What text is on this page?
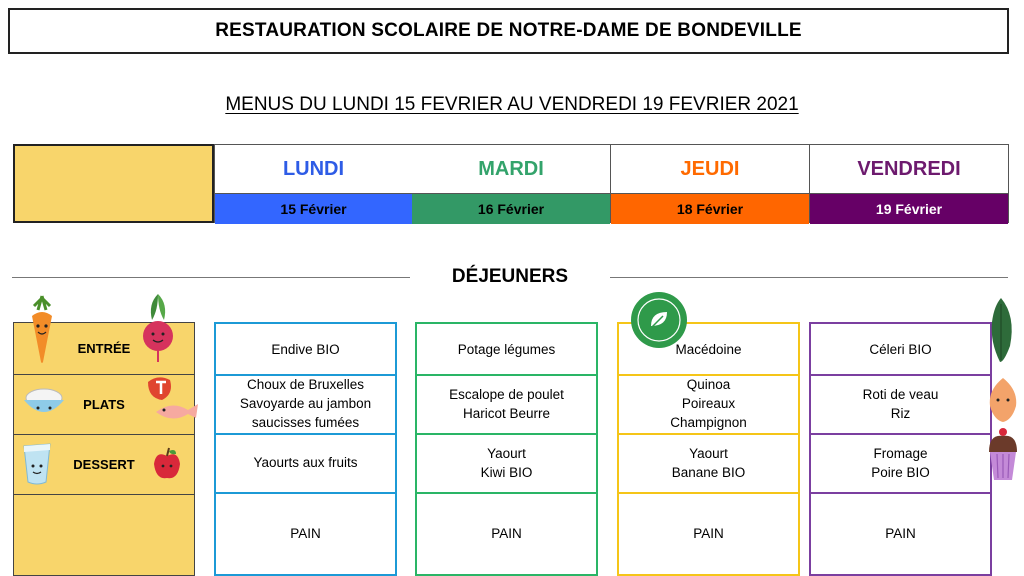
RESTAURATION SCOLAIRE DE NOTRE-DAME DE BONDEVILLE
MENUS DU LUNDI 15 FEVRIER AU VENDREDI 19 FEVRIER 2021
LUNDI
15 Février
MARDI
16 Février
JEUDI
18 Février
VENDREDI
19 Février
DÉJEUNERS
ENTRÉE
PLATS
DESSERT
Endive BIO
Choux de Bruxelles
Savoyarde au jambon
saucisses fumées
Yaourts aux fruits
PAIN
Potage légumes
Escalope de poulet
Haricot Beurre
Yaourt
Kiwi BIO
PAIN
Macédoine
Quinoa
Poireaux
Champignon
Yaourt
Banane BIO
PAIN
Céleri BIO
Roti de veau
Riz
Fromage
Poire BIO
PAIN
